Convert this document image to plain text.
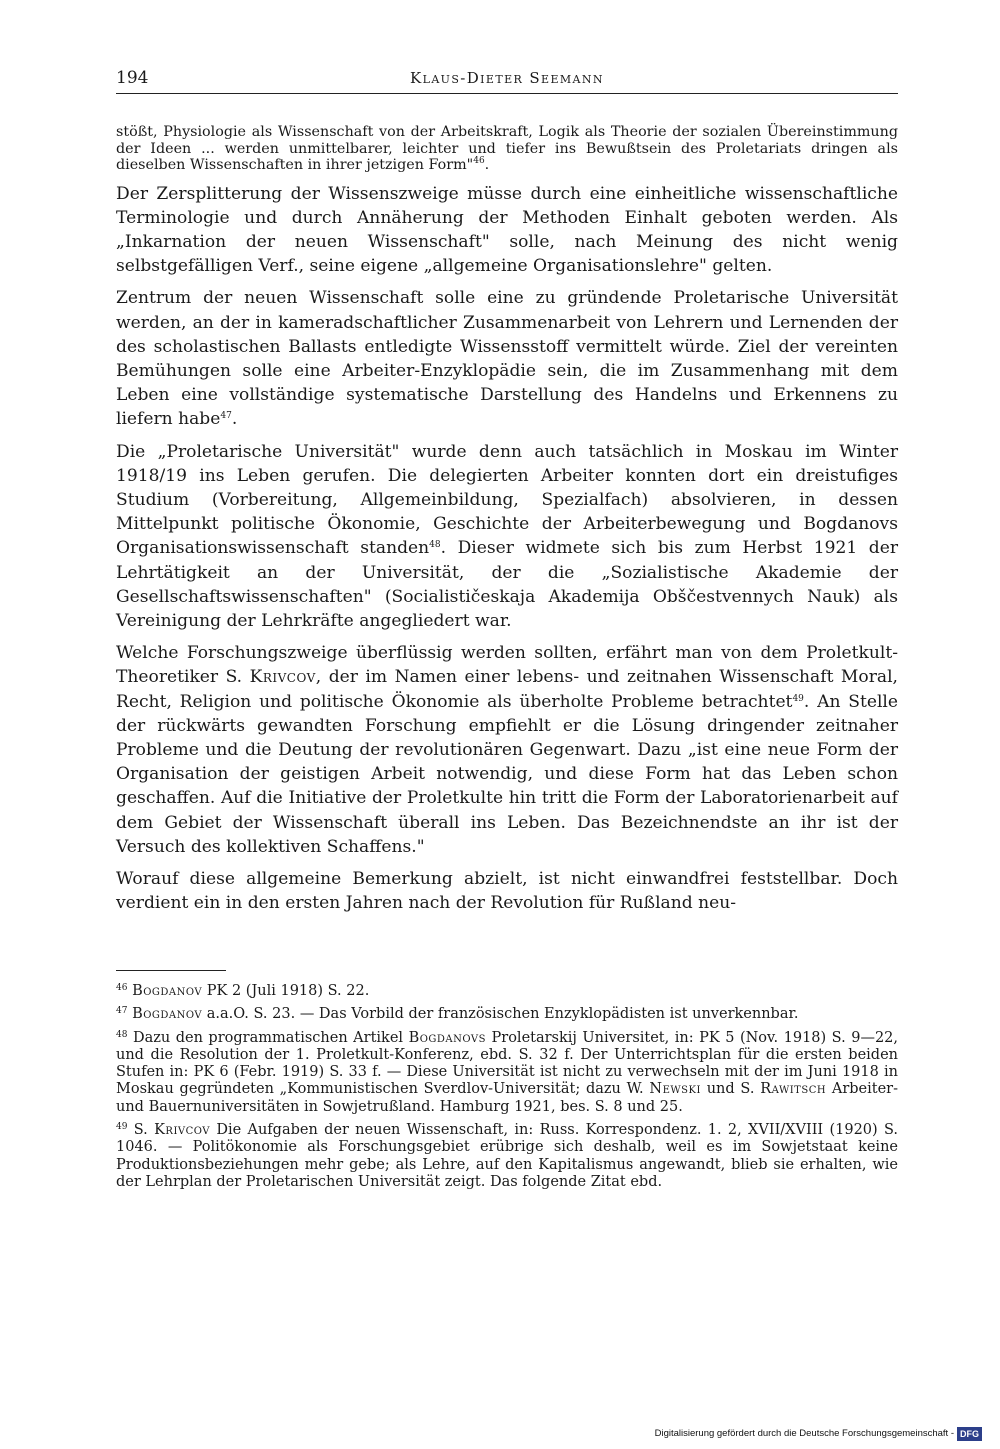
194	Klaus-Dieter Seemann

stößt, Physiologie als Wissenschaft von der Arbeitskraft, Logik als Theorie der sozialen Übereinstimmung der Ideen ... werden unmittelbarer, leichter und tiefer ins Bewußtsein des Proletariats dringen als dieselben Wissenschaften in ihrer jetzigen Form"$^{46}$.

Der Zersplitterung der Wissenszweige müsse durch eine einheitliche wissenschaftliche Terminologie und durch Annäherung der Methoden Einhalt geboten werden. Als „Inkarnation der neuen Wissenschaft" solle, nach Meinung des nicht wenig selbstgefälligen Verf., seine eigene „allgemeine Organisationslehre" gelten.

Zentrum der neuen Wissenschaft solle eine zu gründende Proletarische Universität werden, an der in kameradschaftlicher Zusammenarbeit von Lehrern und Lernenden der des scholastischen Ballasts entledigte Wissensstoff vermittelt würde. Ziel der vereinten Bemühungen solle eine Arbeiter-Enzyklopädie sein, die im Zusammenhang mit dem Leben eine vollständige systematische Darstellung des Handelns und Erkennens zu liefern habe$^{47}$.

Die „Proletarische Universität" wurde denn auch tatsächlich in Moskau im Winter 1918/19 ins Leben gerufen. Die delegierten Arbeiter konnten dort ein dreistufiges Studium (Vorbereitung, Allgemeinbildung, Spezialfach) absolvieren, in dessen Mittelpunkt politische Ökonomie, Geschichte der Arbeiterbewegung und Bogdanovs Organisationswissenschaft standen$^{48}$. Dieser widmete sich bis zum Herbst 1921 der Lehrtätigkeit an der Universität, der die „Sozialistische Akademie der Gesellschaftswissenschaften" (Socialističeskaja Akademija Obščestvennych Nauk) als Vereinigung der Lehrkräfte angegliedert war.

Welche Forschungszweige überflüssig werden sollten, erfährt man von dem Proletkult-Theoretiker S. Krivcov, der im Namen einer lebens- und zeitnahen Wissenschaft Moral, Recht, Religion und politische Ökonomie als überholte Probleme betrachtet$^{49}$. An Stelle der rückwärts gewandten Forschung empfiehlt er die Lösung dringender zeitnaher Probleme und die Deutung der revolutionären Gegenwart. Dazu „ist eine neue Form der Organisation der geistigen Arbeit notwendig, und diese Form hat das Leben schon geschaffen. Auf die Initiative der Proletkulte hin tritt die Form der Laboratorienarbeit auf dem Gebiet der Wissenschaft überall ins Leben. Das Bezeichnendste an ihr ist der Versuch des kollektiven Schaffens."

Worauf diese allgemeine Bemerkung abzielt, ist nicht einwandfrei feststellbar. Doch verdient ein in den ersten Jahren nach der Revolution für Rußland neu-

$^{46}$ Bogdanov PK 2 (Juli 1918) S. 22.

$^{47}$ Bogdanov a.a.O. S. 23. — Das Vorbild der französischen Enzyklopädisten ist unverkennbar.

$^{48}$ Dazu den programmatischen Artikel Bogdanovs Proletarskij Universitet, in: PK 5 (Nov. 1918) S. 9—22, und die Resolution der 1. Proletkult-Konferenz, ebd. S. 32 f. Der Unterrichtsplan für die ersten beiden Stufen in: PK 6 (Febr. 1919) S. 33 f. — Diese Universität ist nicht zu verwechseln mit der im Juni 1918 in Moskau gegründeten „Kommunistischen Sverdlov-Universität; dazu W. Newski und S. Rawitsch Arbeiter- und Bauernuniversitäten in Sowjetrußland. Hamburg 1921, bes. S. 8 und 25.

$^{49}$ S. Krivcov Die Aufgaben der neuen Wissenschaft, in: Russ. Korrespondenz. 1. 2, XVII/XVIII (1920) S. 1046. — Politökonomie als Forschungsgebiet erübrige sich deshalb, weil es im Sowjetstaat keine Produktionsbeziehungen mehr gebe; als Lehre, auf den Kapitalismus angewandt, blieb sie erhalten, wie der Lehrplan der Proletarischen Universität zeigt. Das folgende Zitat ebd.

Digitalisierung gefördert durch die Deutsche Forschungsgemeinschaft - DFG
